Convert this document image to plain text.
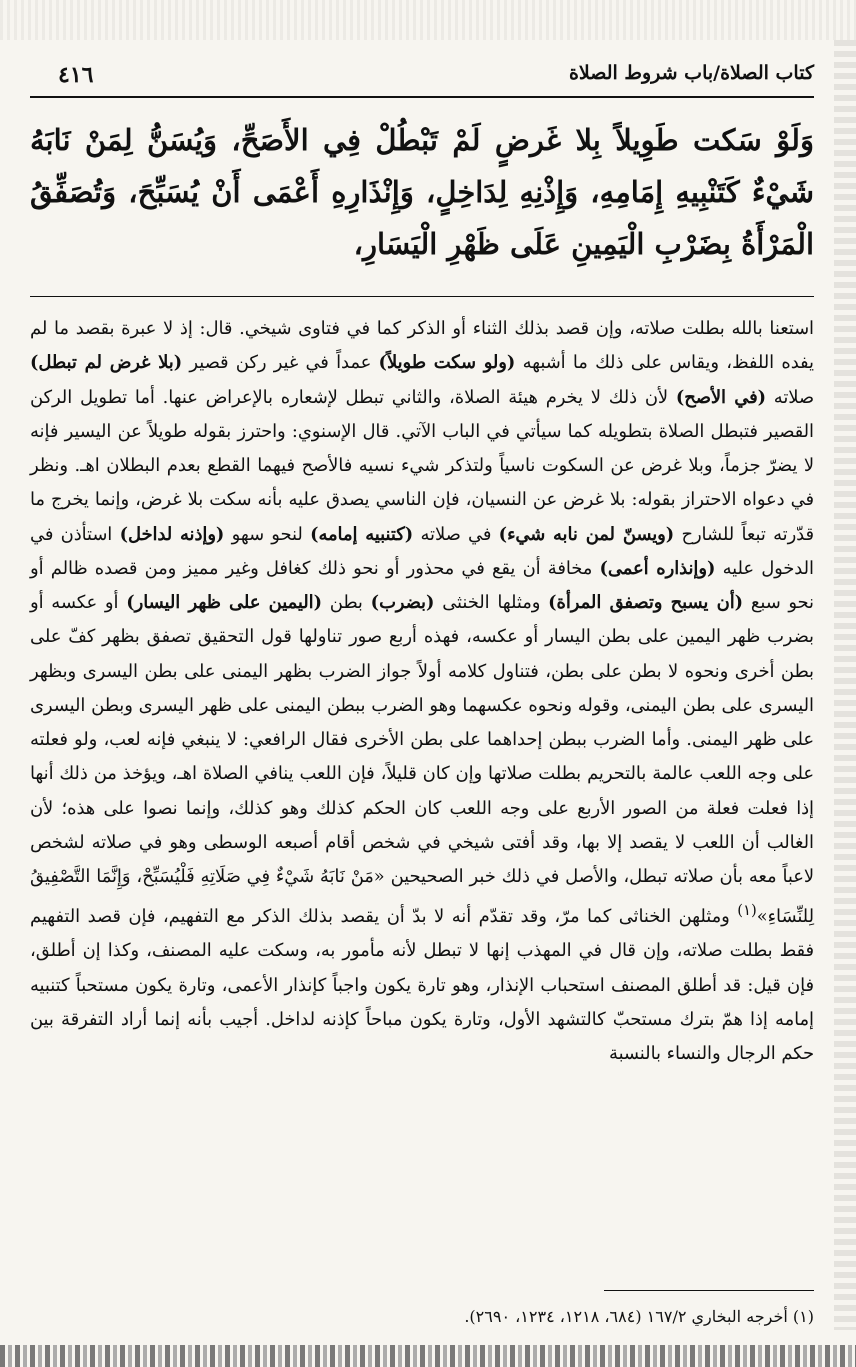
كتاب الصلاة/باب شروط الصلاة
٤١٦
وَلَوْ سَكت طَوِيلاً بِلا غَرضٍ لَمْ تَبْطُلْ فِي الأَصَحِّ، وَيُسَنُّ لِمَنْ نَابَهُ شَيْءٌ كَتَنْبِيهِ إِمَامِهِ، وَإِذْنِهِ لِدَاخِلٍ، وَإِنْذَارِهِ أَعْمَى أَنْ يُسَبِّحَ، وَتُصَفِّقُ الْمَرْأَةُ بِضَرْبِ الْيَمِينِ عَلَى ظَهْرِ الْيَسَارِ،
استعنا بالله بطلت صلاته، وإن قصد بذلك الثناء أو الذكر كما في فتاوى شيخي. قال: إذ لا عبرة بقصد ما لم يفده اللفظ، ويقاس على ذلك ما أشبهه (ولو سكت طويلاً) عمداً في غير ركن قصير (بلا غرض لم تبطل) صلاته (في الأصح) لأن ذلك لا يخرم هيئة الصلاة، والثاني تبطل لإشعاره بالإعراض عنها. أما تطويل الركن القصير فتبطل الصلاة بتطويله كما سيأتي في الباب الآتي. قال الإسنوي: واحترز بقوله طويلاً عن اليسير فإنه لا يضرّ جزماً، وبلا غرض عن السكوت ناسياً ولتذكر شيء نسيه فالأصح فيهما القطع بعدم البطلان اهـ. ونظر في دعواه الاحتراز بقوله: بلا غرض عن النسيان، فإن الناسي يصدق عليه بأنه سكت بلا غرض، وإنما يخرج ما قدّرته تبعاً للشارح (ويسنّ لمن نابه شيء) في صلاته (كتنبيه إمامه) لنحو سهو (وإذنه لداخل) استأذن في الدخول عليه (وإنذاره أعمى) مخافة أن يقع في محذور أو نحو ذلك كغافل وغير مميز ومن قصده ظالم أو نحو سبع (أن يسبح وتصفق المرأة) ومثلها الخنثى (بضرب) بطن (اليمين على ظهر اليسار) أو عكسه أو بضرب ظهر اليمين على بطن اليسار أو عكسه، فهذه أربع صور تناولها قول التحقيق تصفق بظهر كفّ على بطن أخرى ونحوه لا بطن على بطن، فتناول كلامه أولاً جواز الضرب بظهر اليمنى على بطن اليسرى وبظهر اليسرى على بطن اليمنى، وقوله ونحوه عكسهما وهو الضرب ببطن اليمنى على ظهر اليسرى وبطن اليسرى على ظهر اليمنى. وأما الضرب ببطن إحداهما على بطن الأخرى فقال الرافعي: لا ينبغي فإنه لعب، ولو فعلته على وجه اللعب عالمة بالتحريم بطلت صلاتها وإن كان قليلاً، فإن اللعب ينافي الصلاة اهـ، ويؤخذ من ذلك أنها إذا فعلت فعلة من الصور الأربع على وجه اللعب كان الحكم كذلك وهو كذلك، وإنما نصوا على هذه؛ لأن الغالب أن اللعب لا يقصد إلا بها، وقد أفتى شيخي في شخص أقام أصبعه الوسطى وهو في صلاته لشخص لاعباً معه بأن صلاته تبطل، والأصل في ذلك خبر الصحيحين «مَنْ نَابَهُ شَيْءٌ فِي صَلَاتِهِ فَلْيُسَبِّحْ، وَإِنَّمَا التَّصْفِيقُ لِلنِّسَاءِ»$^{(١)}$ ومثلهن الخناثى كما مرّ، وقد تقدّم أنه لا بدّ أن يقصد بذلك الذكر مع التفهيم، فإن قصد التفهيم فقط بطلت صلاته، وإن قال في المهذب إنها لا تبطل لأنه مأمور به، وسكت عليه المصنف، وكذا إن أطلق، فإن قيل: قد أطلق المصنف استحباب الإنذار، وهو تارة يكون واجباً كإنذار الأعمى، وتارة يكون مستحباً كتنبيه إمامه إذا همّ بترك مستحبّ كالتشهد الأول، وتارة يكون مباحاً كإذنه لداخل. أجيب بأنه إنما أراد التفرقة بين حكم الرجال والنساء بالنسبة
(١) أخرجه البخاري ١٦٧/٢ (٦٨٤، ١٢١٨، ١٢٣٤، ٢٦٩٠).
